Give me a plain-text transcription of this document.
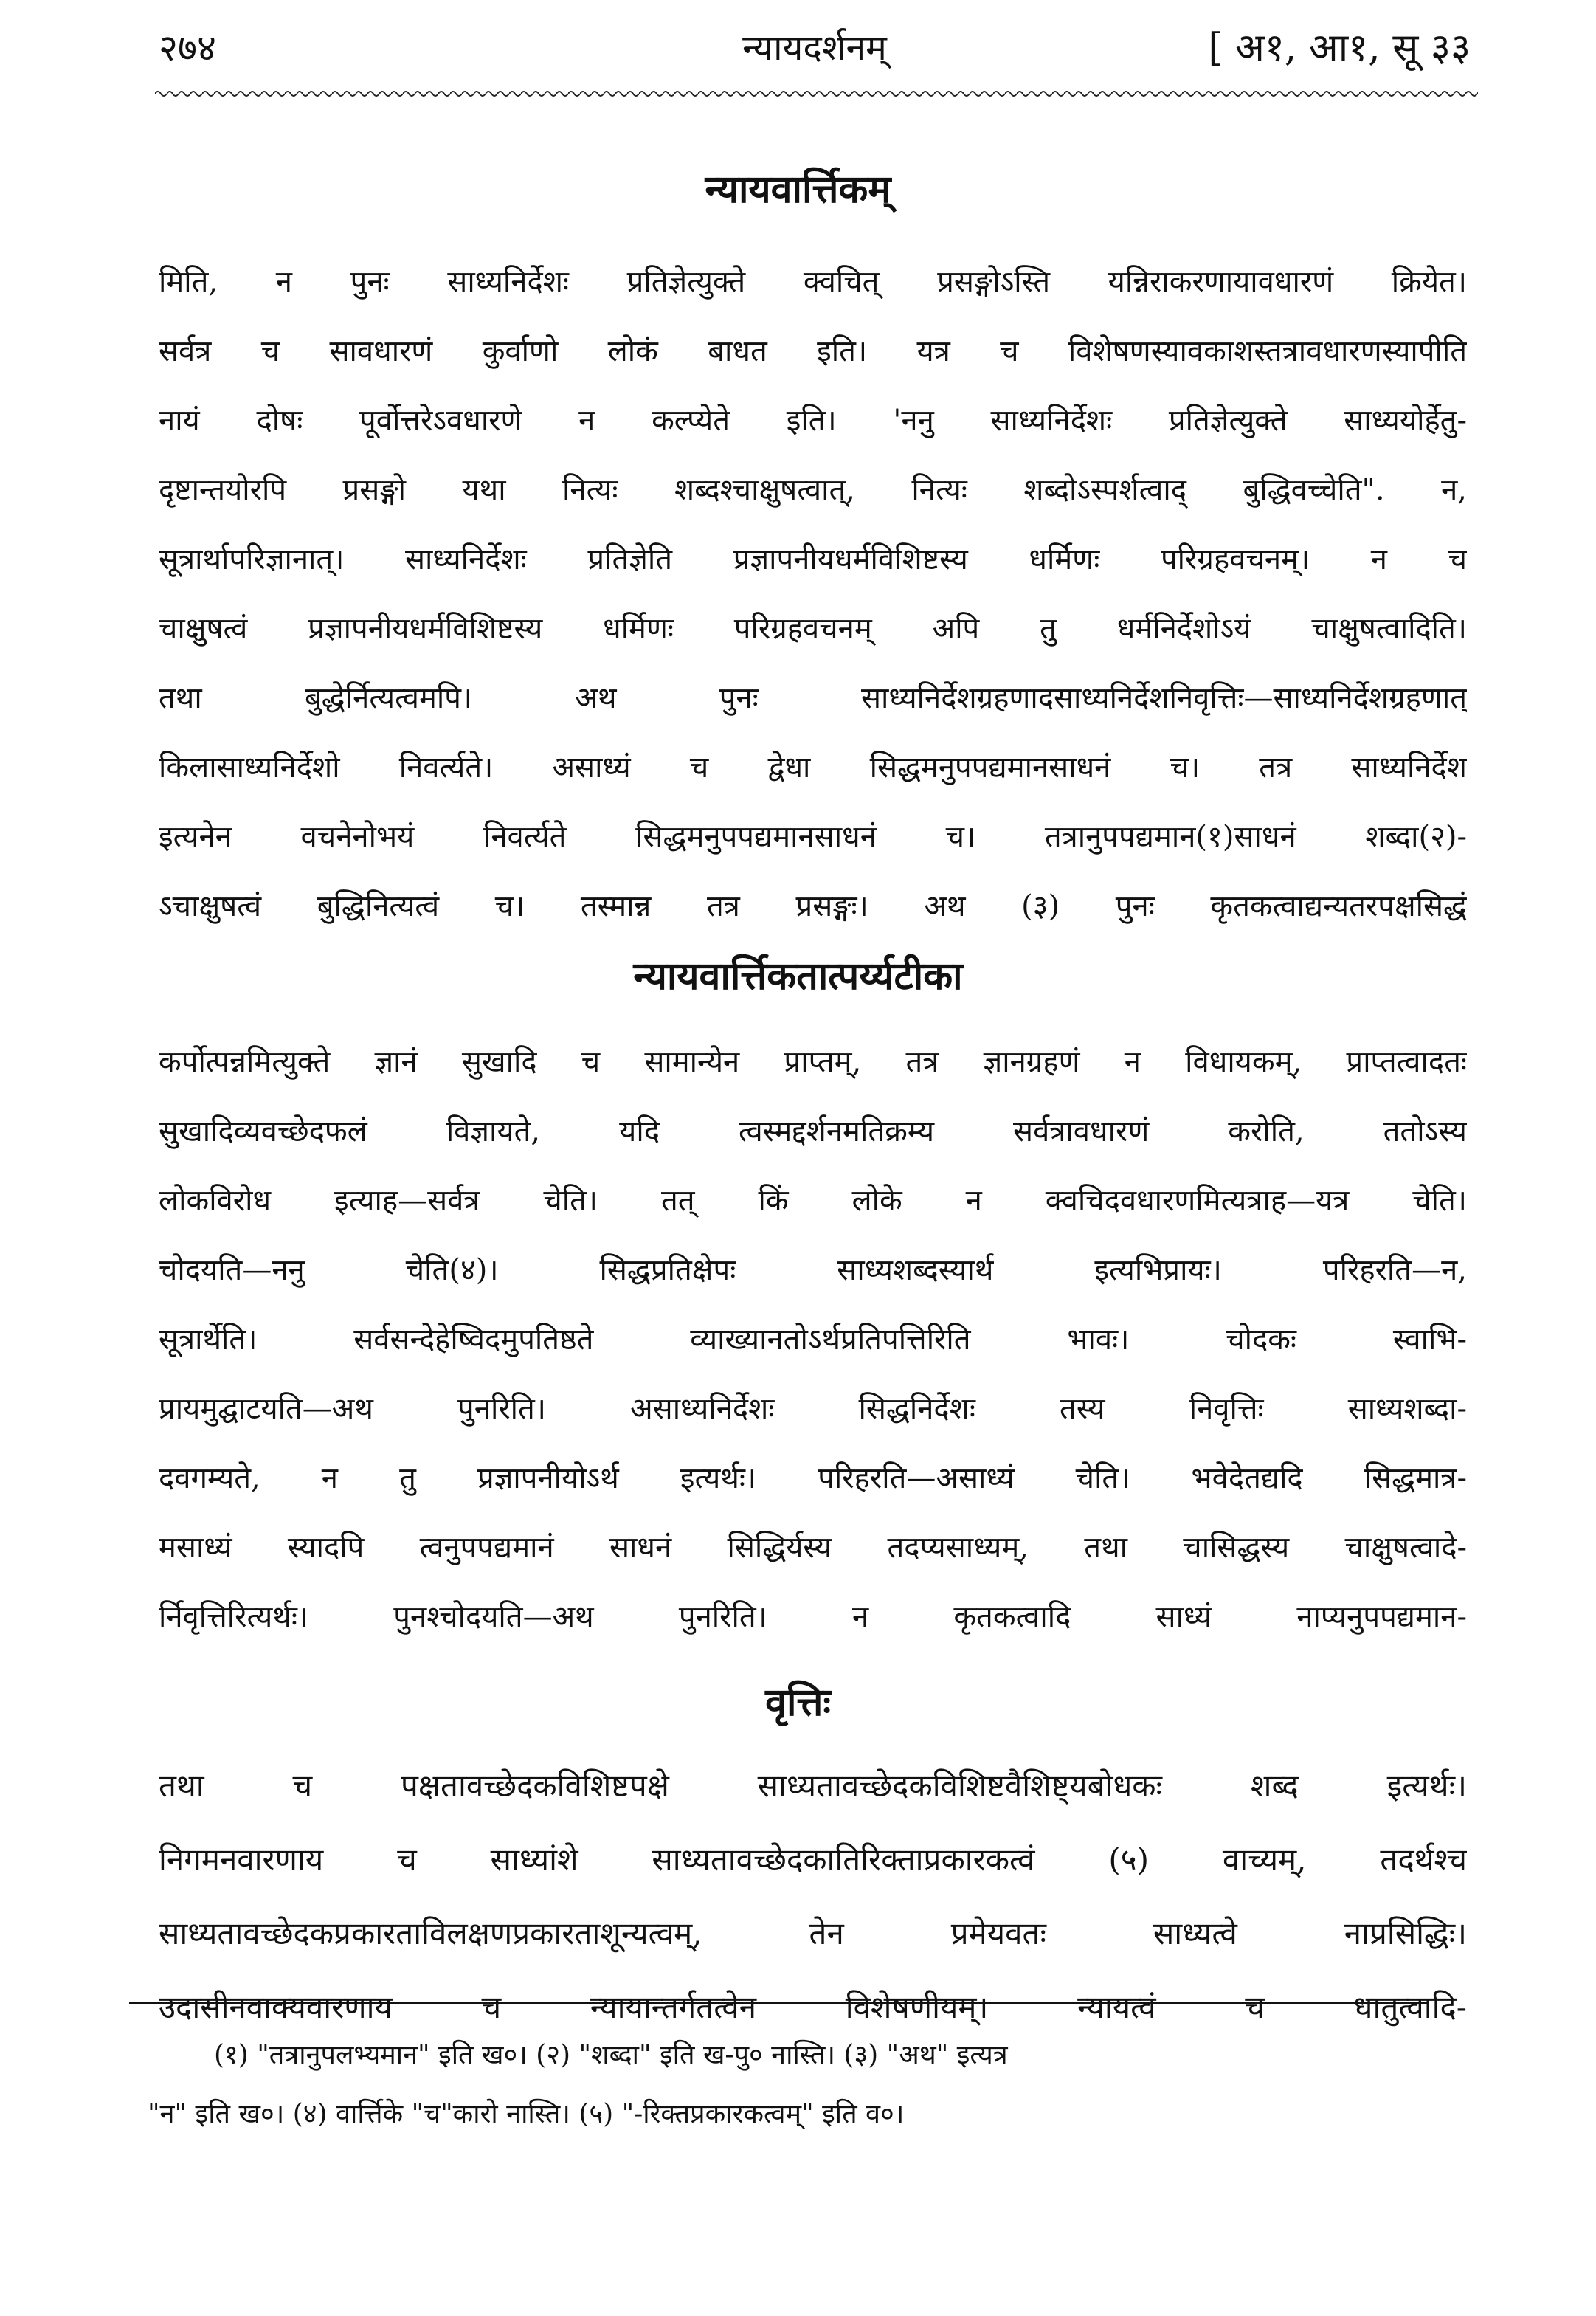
२७४	न्यायदर्शनम्	[ अ१, आ१, सू ३३
न्यायवार्त्तिकम्
मिति, न पुनः साध्यनिर्देशः प्रतिज्ञेत्युक्ते क्वचित् प्रसङ्गोऽस्ति यन्निराकरणायावधारणं क्रियेत।
सर्वत्र च सावधारणं कुर्वाणो लोकं बाधत इति। यत्र च विशेषणस्यावकाशस्तत्रावधारणस्यापीति
नायं दोषः पूर्वोत्तरेऽवधारणे न कल्प्येते इति। 'ननु साध्यनिर्देशः प्रतिज्ञेत्युक्ते साध्ययोर्हेतु-
दृष्टान्तयोरपि प्रसङ्गो यथा नित्यः शब्दश्चाक्षुषत्वात्, नित्यः शब्दोऽस्पर्शत्वाद् बुद्धिवच्चेति". न,
सूत्रार्थापरिज्ञानात्। साध्यनिर्देशः प्रतिज्ञेति प्रज्ञापनीयधर्मविशिष्टस्य धर्मिणः परिग्रहवचनम्। न च
चाक्षुषत्वं प्रज्ञापनीयधर्मविशिष्टस्य धर्मिणः परिग्रहवचनम् अपि तु धर्मनिर्देशोऽयं चाक्षुषत्वादिति।
तथा बुद्धेर्नित्यत्वमपि। अथ पुनः साध्यनिर्देशग्रहणादसाध्यनिर्देशनिवृत्तिः—साध्यनिर्देशग्रहणात्
किलासाध्यनिर्देशो निवर्त्यते। असाध्यं च द्वेधा सिद्धमनुपपद्यमानसाधनं च। तत्र साध्यनिर्देश
इत्यनेन वचनेनोभयं निवर्त्यते सिद्धमनुपपद्यमानसाधनं च। तत्रानुपपद्यमान(१)साधनं शब्दा(२)-
ऽचाक्षुषत्वं बुद्धिनित्यत्वं च। तस्मान्न तत्र प्रसङ्गः। अथ (३) पुनः कृतकत्वाद्यन्यतरपक्षसिद्धं
न्यायवार्त्तिकतात्पर्य्यटीका
कर्पोत्पन्नमित्युक्ते ज्ञानं सुखादि च सामान्येन प्राप्तम्, तत्र ज्ञानग्रहणं न विधायकम्, प्राप्तत्वादतः
सुखादिव्यवच्छेदफलं विज्ञायते, यदि त्वस्मद्दर्शनमतिक्रम्य सर्वत्रावधारणं करोति, ततोऽस्य
लोकविरोध इत्याह—सर्वत्र चेति। तत् किं लोके न क्वचिदवधारणमित्यत्राह—यत्र चेति।
चोदयति—ननु चेति(४)। सिद्धप्रतिक्षेपः साध्यशब्दस्यार्थ इत्यभिप्रायः। परिहरति—न,
सूत्रार्थेति। सर्वसन्देहेष्विदमुपतिष्ठते व्याख्यानतोऽर्थप्रतिपत्तिरिति भावः। चोदकः स्वाभि-
प्रायमुद्घाटयति—अथ पुनरिति। असाध्यनिर्देशः सिद्धनिर्देशः तस्य निवृत्तिः साध्यशब्दा-
दवगम्यते, न तु प्रज्ञापनीयोऽर्थ इत्यर्थः। परिहरति—असाध्यं चेति। भवेदेतद्यदि सिद्धमात्र-
मसाध्यं स्यादपि त्वनुपपद्यमानं साधनं सिद्धिर्यस्य तदप्यसाध्यम्, तथा चासिद्धस्य चाक्षुषत्वादे-
र्निवृत्तिरित्यर्थः। पुनश्चोदयति—अथ पुनरिति। न कृतकत्वादि साध्यं नाप्यनुपपद्यमान-
वृत्तिः
तथा च पक्षतावच्छेदकविशिष्टपक्षे साध्यतावच्छेदकविशिष्टवैशिष्ट्यबोधकः शब्द इत्यर्थः।
निगमनवारणाय च साध्यांशे साध्यतावच्छेदकातिरिक्ताप्रकारकत्वं (५) वाच्यम्, तदर्थश्च
साध्यतावच्छेदकप्रकारताविलक्षणप्रकारताशून्यत्वम्, तेन प्रमेयवतः साध्यत्वे नाप्रसिद्धिः।
उदासीनवाक्यवारणाय च न्यायान्तर्गतत्वेन विशेषणीयम्। न्यायत्वं च धातुत्वादि-
(१) "तत्रानुपलभ्यमान" इति ख०। (२) "शब्दा" इति ख-पु० नास्ति। (३) "अथ" इत्यत्र
"न" इति ख०। (४) वार्त्तिके "च"कारो नास्ति। (५) "-रिक्तप्रकारकत्वम्" इति व०।
